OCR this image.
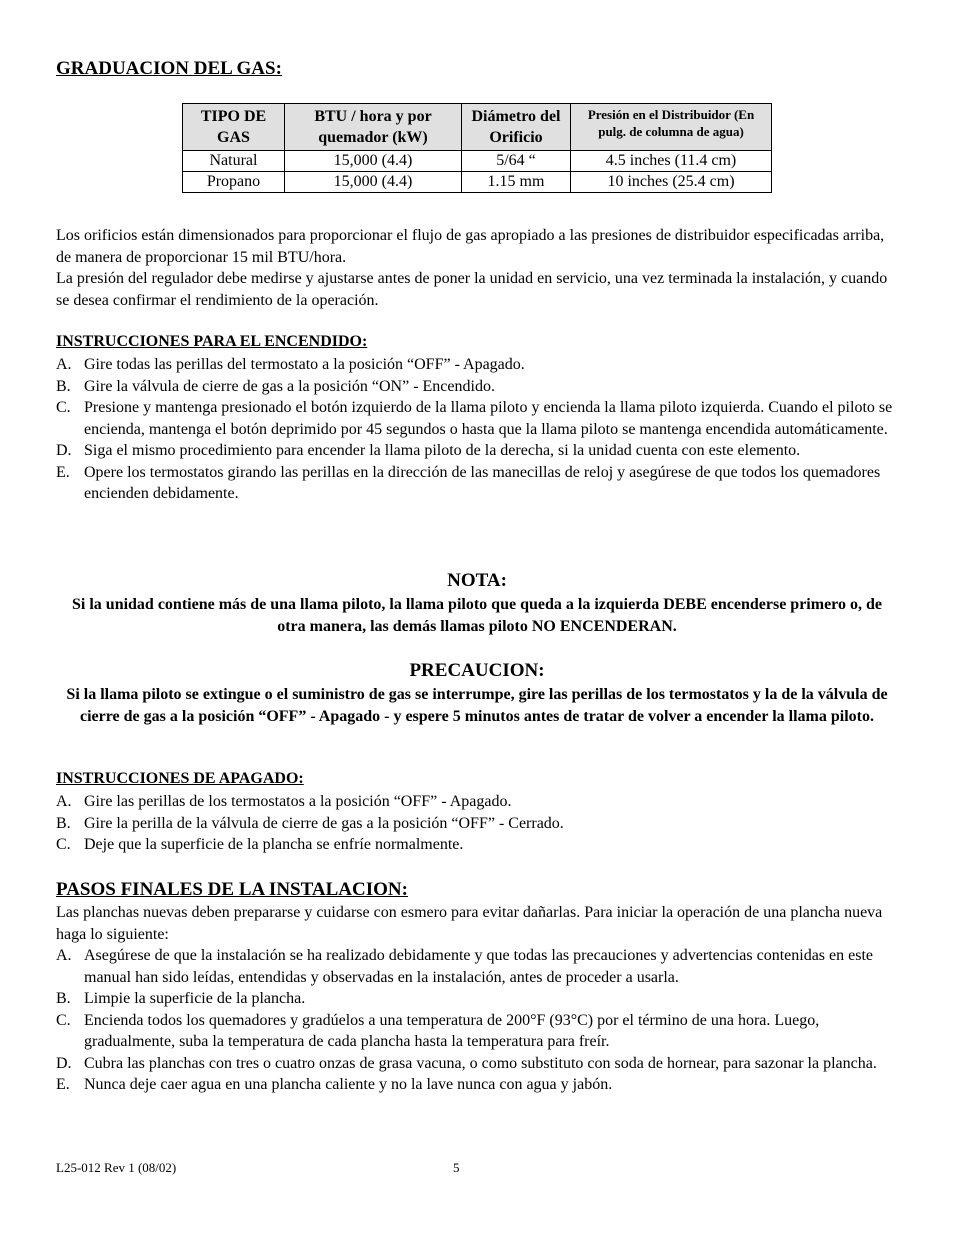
GRADUACION DEL GAS:
TIPO DE GAS	BTU / hora y por quemador (kW)	Diámetro del Orificio	Presión en el Distribuidor (En pulg. de columna de agua)
Natural	15,000 (4.4)	5/64 “	4.5 inches (11.4 cm)
Propano	15,000 (4.4)	1.15 mm	10 inches (25.4 cm)

Los orificios están dimensionados para proporcionar el flujo de gas apropiado a las presiones de distribuidor especificadas arriba, de manera de proporcionar 15 mil BTU/hora.

La presión del regulador debe medirse y ajustarse antes de poner la unidad en servicio, una vez terminada la instalación, y cuando se desea confirmar el rendimiento de la operación.

INSTRUCCIONES PARA EL ENCENDIDO:
A. Gire todas las perillas del termostato a la posición “OFF” - Apagado.
B. Gire la válvula de cierre de gas a la posición “ON” - Encendido.
C. Presione y mantenga presionado el botón izquierdo de la llama piloto y encienda la llama piloto izquierda. Cuando el piloto se encienda, mantenga el botón deprimido por 45 segundos o hasta que la llama piloto se mantenga encendida automáticamente.
D. Siga el mismo procedimiento para encender la llama piloto de la derecha, si la unidad cuenta con este elemento.
E. Opere los termostatos girando las perillas en la dirección de las manecillas de reloj y asegúrese de que todos los quemadores encienden debidamente.
NOTA:

Si la unidad contiene más de una llama piloto, la llama piloto que queda a la izquierda DEBE encenderse primero o, de otra manera, las demás llamas piloto NO ENCENDERAN.

PRECAUCION:

Si la llama piloto se extingue o el suministro de gas se interrumpe, gire las perillas de los termostatos y la de la válvula de cierre de gas a la posición “OFF” - Apagado - y espere 5 minutos antes de tratar de volver a encender la llama piloto.

INSTRUCCIONES DE APAGADO:
A. Gire las perillas de los termostatos a la posición “OFF” - Apagado.
B. Gire la perilla de la válvula de cierre de gas a la posición “OFF” - Cerrado.
C. Deje que la superficie de la plancha se enfríe normalmente.
PASOS FINALES DE LA INSTALACION:

Las planchas nuevas deben prepararse y cuidarse con esmero para evitar dañarlas. Para iniciar la operación de una plancha nueva haga lo siguiente:

A. Asegúrese de que la instalación se ha realizado debidamente y que todas las precauciones y advertencias contenidas en este manual han sido leídas, entendidas y observadas en la instalación, antes de proceder a usarla.
B. Limpie la superficie de la plancha.
C. Encienda todos los quemadores y gradúelos a una temperatura de 200°F (93°C) por el término de una hora. Luego, gradualmente, suba la temperatura de cada plancha hasta la temperatura para freír.
D. Cubra las planchas con tres o cuatro onzas de grasa vacuna, o como substituto con soda de hornear, para sazonar la plancha.
E. Nunca deje caer agua en una plancha caliente y no la lave nunca con agua y jabón.
L25-012 Rev 1 (08/02)	5
